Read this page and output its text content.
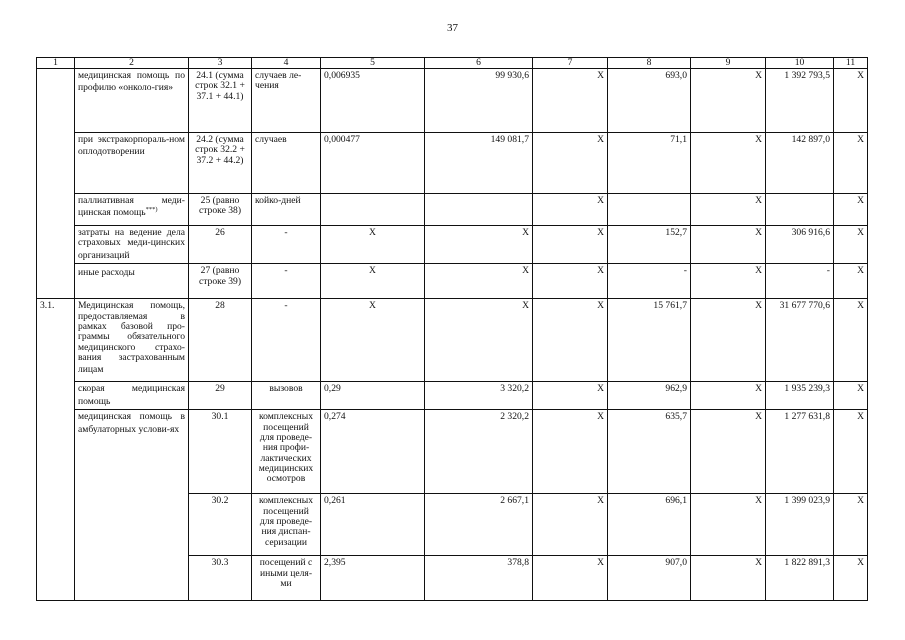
37
1	2	3	4	5	6	7	8	9	10	11
	медицинская помощь по профилю «онколо-гия»	24.1 (сумма строк 32.1 + 37.1 + 44.1)	случаев ле-чения	0,006935	99 930,6	X	693,0	X	1 392 793,5	X
	при экстракорпораль-ном оплодотворении	24.2 (сумма строк 32.2 + 37.2 + 44.2)	случаев	0,000477	149 081,7	X	71,1	X	142 897,0	X
	паллиативная меди-цинская помощь***)	25 (равно строке 38)	койко-дней			X		X		X
	затраты на ведение дела страховых меди-цинских организаций	26	-	X	X	X	152,7	X	306 916,6	X
	иные расходы	27 (равно строке 39)	-	X	X	X	-	X	-	X
3.1.	Медицинская помощь, предоставляемая в рамках базовой про-граммы обязательного медицинского страхо-вания застрахованным лицам	28	-	X	X	X	15 761,7	X	31 677 770,6	X
	скорая медицинская помощь	29	вызовов	0,29	3 320,2	X	962,9	X	1 935 239,3	X
	медицинская помощь в амбулаторных услови-ях	30.1	комплексных посещений для проведе-ния профи-лактических медицинских осмотров	0,274	2 320,2	X	635,7	X	1 277 631,8	X
		30.2	комплексных посещений для проведе-ния диспан-серизации	0,261	2 667,1	X	696,1	X	1 399 023,9	X
		30.3	посещений с иными целя-ми	2,395	378,8	X	907,0	X	1 822 891,3	X
